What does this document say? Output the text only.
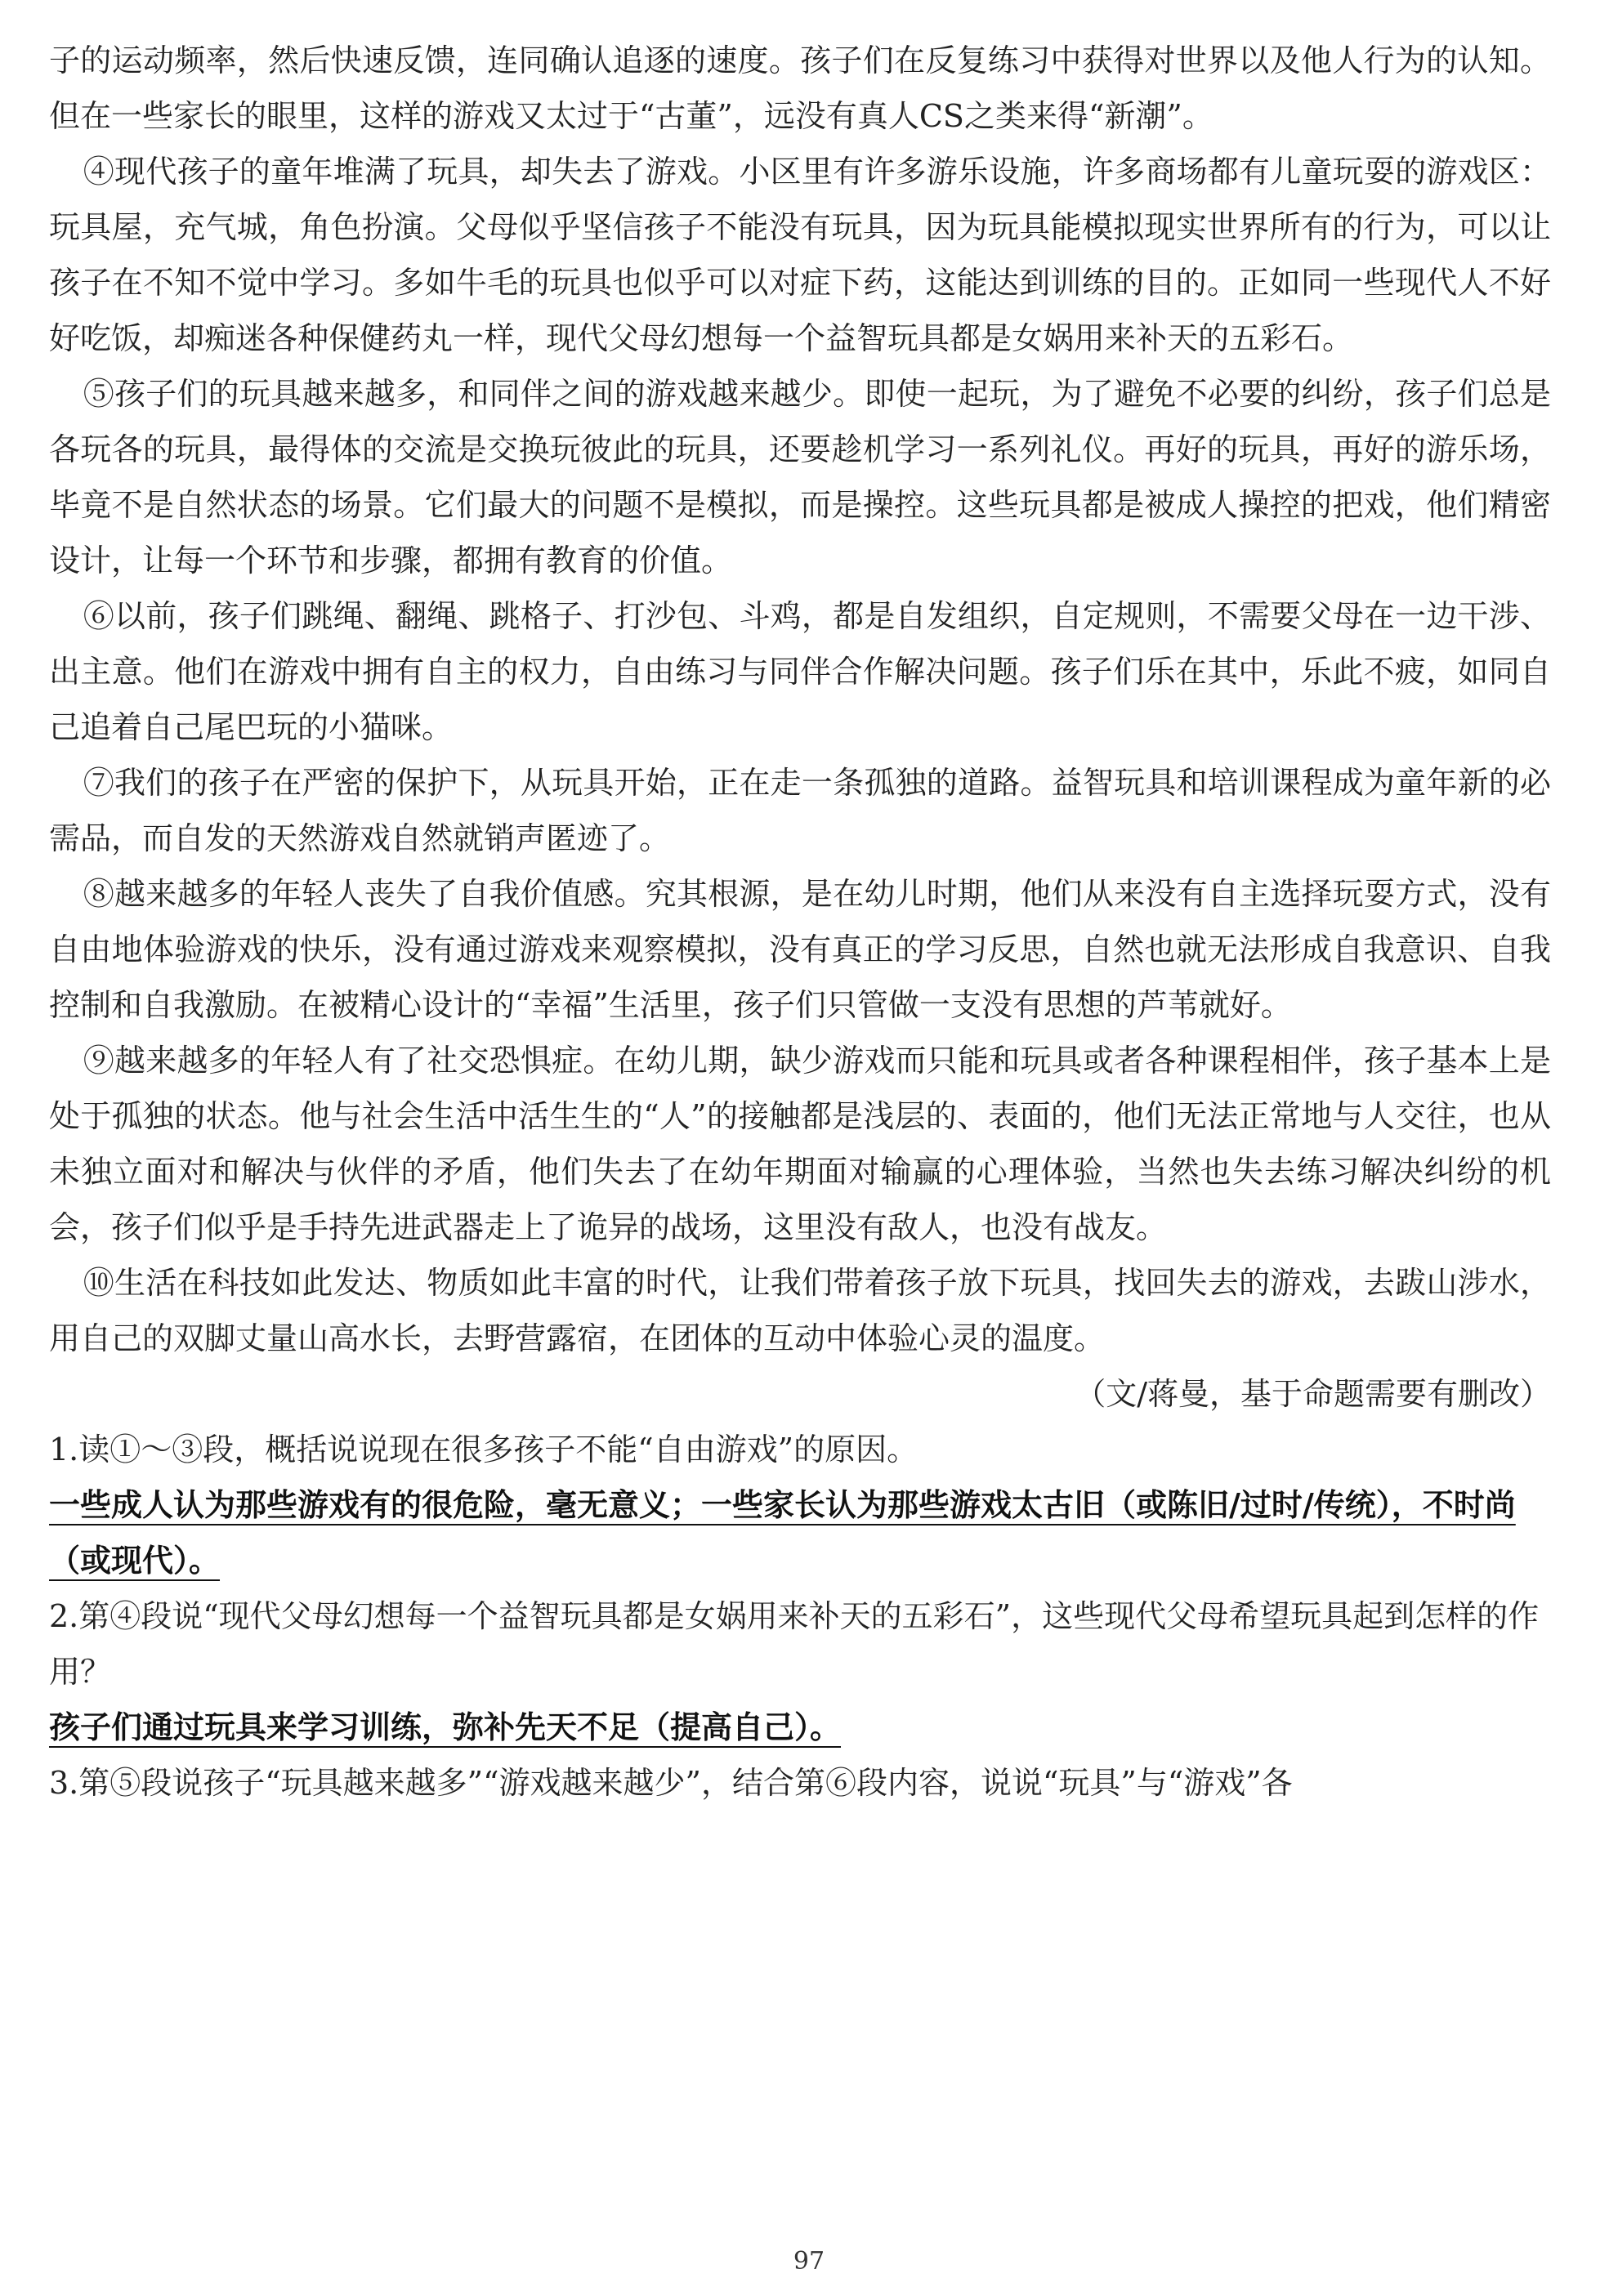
子的运动频率，然后快速反馈，连同确认追逐的速度。孩子们在反复练习中获得对世界以及他人行为的认知。但在一些家长的眼里，这样的游戏又太过于“古董”，远没有真人CS之类来得“新潮”。

④现代孩子的童年堆满了玩具，却失去了游戏。小区里有许多游乐设施，许多商场都有儿童玩耍的游戏区：玩具屋，充气城，角色扮演。父母似乎坚信孩子不能没有玩具，因为玩具能模拟现实世界所有的行为，可以让孩子在不知不觉中学习。多如牛毛的玩具也似乎可以对症下药，这能达到训练的目的。正如同一些现代人不好好吃饭，却痴迷各种保健药丸一样，现代父母幻想每一个益智玩具都是女娲用来补天的五彩石。

⑤孩子们的玩具越来越多，和同伴之间的游戏越来越少。即使一起玩，为了避免不必要的纠纷，孩子们总是各玩各的玩具，最得体的交流是交换玩彼此的玩具，还要趁机学习一系列礼仪。再好的玩具，再好的游乐场，毕竟不是自然状态的场景。它们最大的问题不是模拟，而是操控。这些玩具都是被成人操控的把戏，他们精密设计，让每一个环节和步骤，都拥有教育的价值。

⑥以前，孩子们跳绳、翻绳、跳格子、打沙包、斗鸡，都是自发组织，自定规则，不需要父母在一边干涉、出主意。他们在游戏中拥有自主的权力，自由练习与同伴合作解决问题。孩子们乐在其中，乐此不疲，如同自己追着自己尾巴玩的小猫咪。

⑦我们的孩子在严密的保护下，从玩具开始，正在走一条孤独的道路。益智玩具和培训课程成为童年新的必需品，而自发的天然游戏自然就销声匿迹了。

⑧越来越多的年轻人丧失了自我价值感。究其根源，是在幼儿时期，他们从来没有自主选择玩耍方式，没有自由地体验游戏的快乐，没有通过游戏来观察模拟，没有真正的学习反思，自然也就无法形成自我意识、自我控制和自我激励。在被精心设计的“幸福”生活里，孩子们只管做一支没有思想的芦苇就好。

⑨越来越多的年轻人有了社交恐惧症。在幼儿期，缺少游戏而只能和玩具或者各种课程相伴，孩子基本上是处于孤独的状态。他与社会生活中活生生的“人”的接触都是浅层的、表面的，他们无法正常地与人交往，也从未独立面对和解决与伙伴的矛盾，他们失去了在幼年期面对输赢的心理体验，当然也失去练习解决纠纷的机会，孩子们似乎是手持先进武器走上了诡异的战场，这里没有敌人，也没有战友。

⑩生活在科技如此发达、物质如此丰富的时代，让我们带着孩子放下玩具，找回失去的游戏，去跋山涉水，用自己的双脚丈量山高水长，去野营露宿，在团体的互动中体验心灵的温度。

（文/蒋曼，基于命题需要有删改）

1.读①～③段，概括说说现在很多孩子不能“自由游戏”的原因。

一些成人认为那些游戏有的很危险，毫无意义；一些家长认为那些游戏太古旧（或陈旧/过时/传统），不时尚（或现代）。

2.第④段说“现代父母幻想每一个益智玩具都是女娲用来补天的五彩石”，这些现代父母希望玩具起到怎样的作用？

孩子们通过玩具来学习训练，弥补先天不足（提高自己）。

3.第⑤段说孩子“玩具越来越多”“游戏越来越少”，结合第⑥段内容，说说“玩具”与“游戏”各

97
